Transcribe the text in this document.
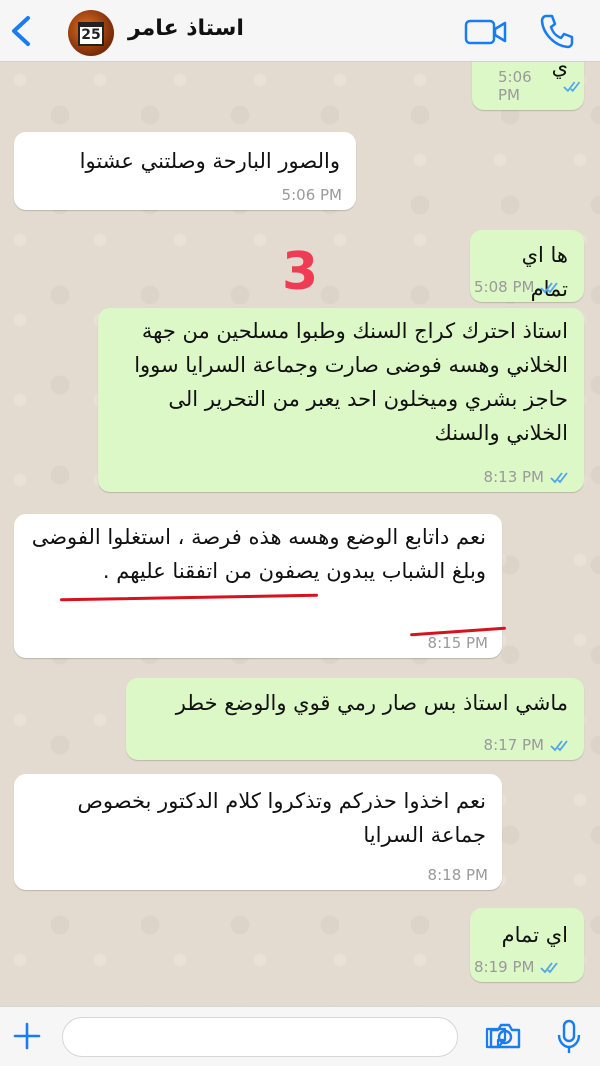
25 استاذ عامر
3
ي
5:06 PM
والصور البارحة وصلتني عشتوا
5:06 PM
ها اي تمام
5:08 PM
استاذ احترك كراج السنك وطبوا مسلحين من جهة الخلاني وهسه فوضى صارت وجماعة السرايا سووا حاجز بشري وميخلون احد يعبر من التحرير الى الخلاني والسنك
8:13 PM
نعم داتابع الوضع وهسه هذه فرصة ، استغلوا الفوضى وبلغ الشباب يبدون يصفون من اتفقنا عليهم .
8:15 PM
ماشي استاذ بس صار رمي قوي والوضع خطر
8:17 PM
نعم اخذوا حذركم وتذكروا كلام الدكتور بخصوص جماعة السرايا
8:18 PM
اي تمام
8:19 PM
